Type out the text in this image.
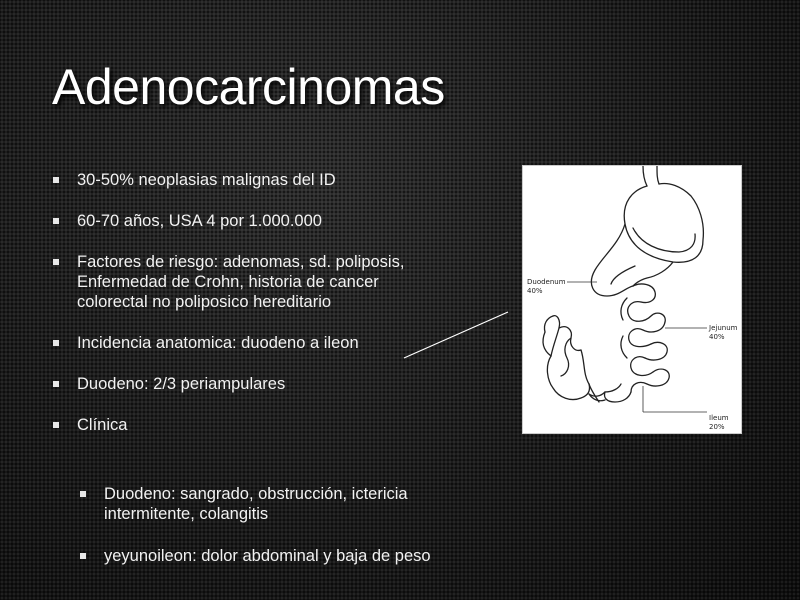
Adenocarcinomas
30-50% neoplasias malignas del ID
60-70 años, USA 4 por 1.000.000
Factores de riesgo: adenomas, sd. poliposis, Enfermedad de Crohn, historia de cancer colorectal no poliposico hereditario
Incidencia anatomica: duodeno a ileon
Duodeno: 2/3 periampulares
Clínica
Duodeno: sangrado, obstrucción, ictericia intermitente, colangitis
yeyunoileon: dolor abdominal y baja de peso
Duodenum
40%
Jejunum
40%
Ileum
20%
